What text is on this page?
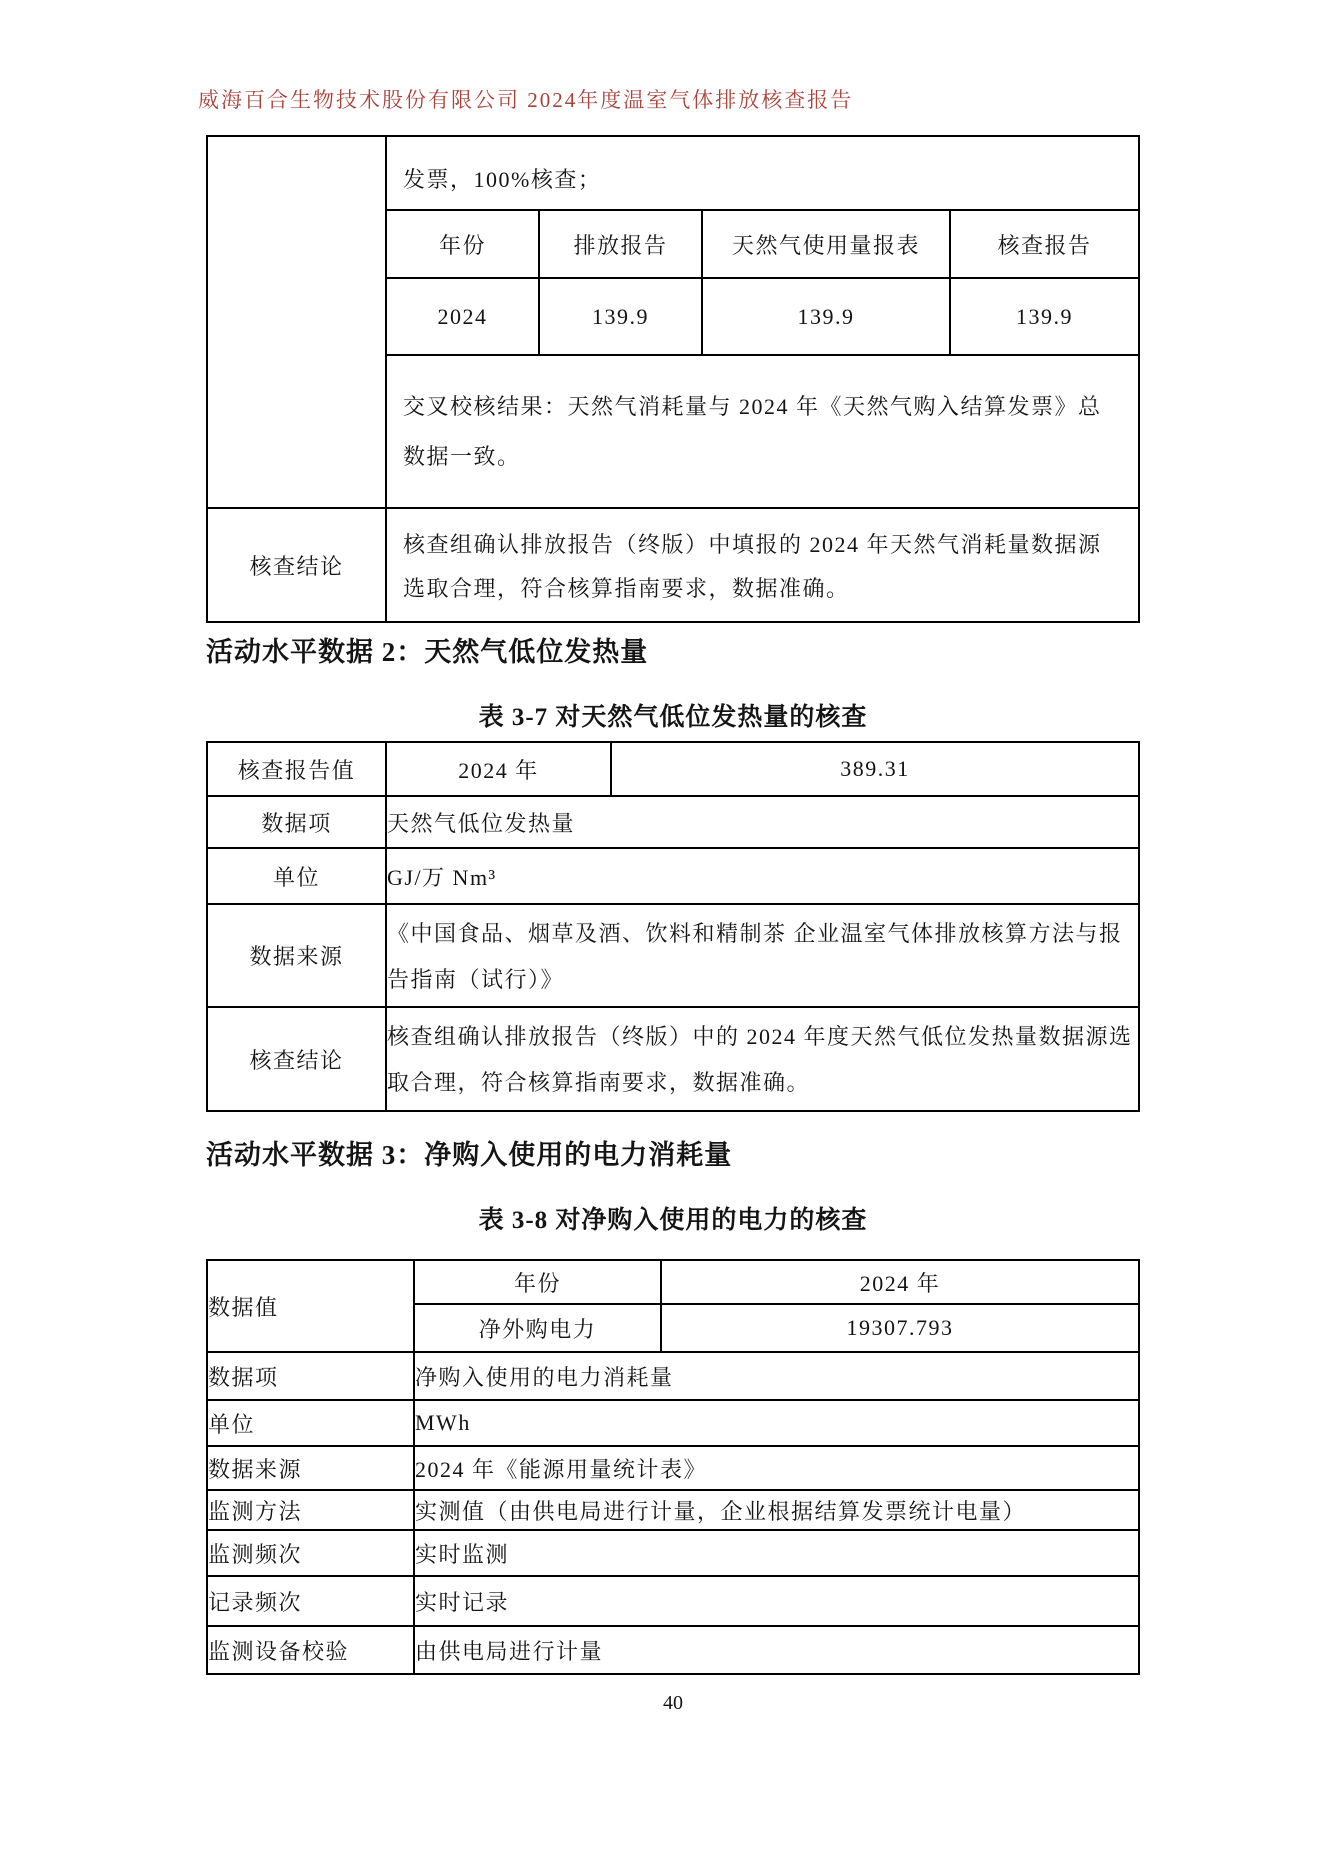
威海百合生物技术股份有限公司 2024年度温室气体排放核查报告

发票，100%核查；
年份	排放报告	天然气使用量报表	核查报告
2024	139.9	139.9	139.9
交叉校核结果：天然气消耗量与 2024 年《天然气购入结算发票》总数据一致。

核查结论	核查组确认排放报告（终版）中填报的 2024 年天然气消耗量数据源选取合理，符合核算指南要求，数据准确。
活动水平数据 2：天然气低位发热量
表 3-7 对天然气低位发热量的核查
核查报告值	2024 年	389.31
数据项	天然气低位发热量	
单位	GJ/万 Nm³	
数据来源	《中国食品、烟草及酒、饮料和精制茶 企业温室气体排放核算方法与报告指南（试行）》	
核查结论	核查组确认排放报告（终版）中的 2024 年度天然气低位发热量数据源选取合理，符合核算指南要求，数据准确。	
活动水平数据 3：净购入使用的电力消耗量
表 3-8 对净购入使用的电力的核查
数据值	年份	2024 年
	净外购电力	19307.793
数据项	净购入使用的电力消耗量	
单位	MWh	
数据来源	2024 年《能源用量统计表》	
监测方法	实测值（由供电局进行计量，企业根据结算发票统计电量）	
监测频次	实时监测	
记录频次	实时记录	
监测设备校验	由供电局进行计量	
40
